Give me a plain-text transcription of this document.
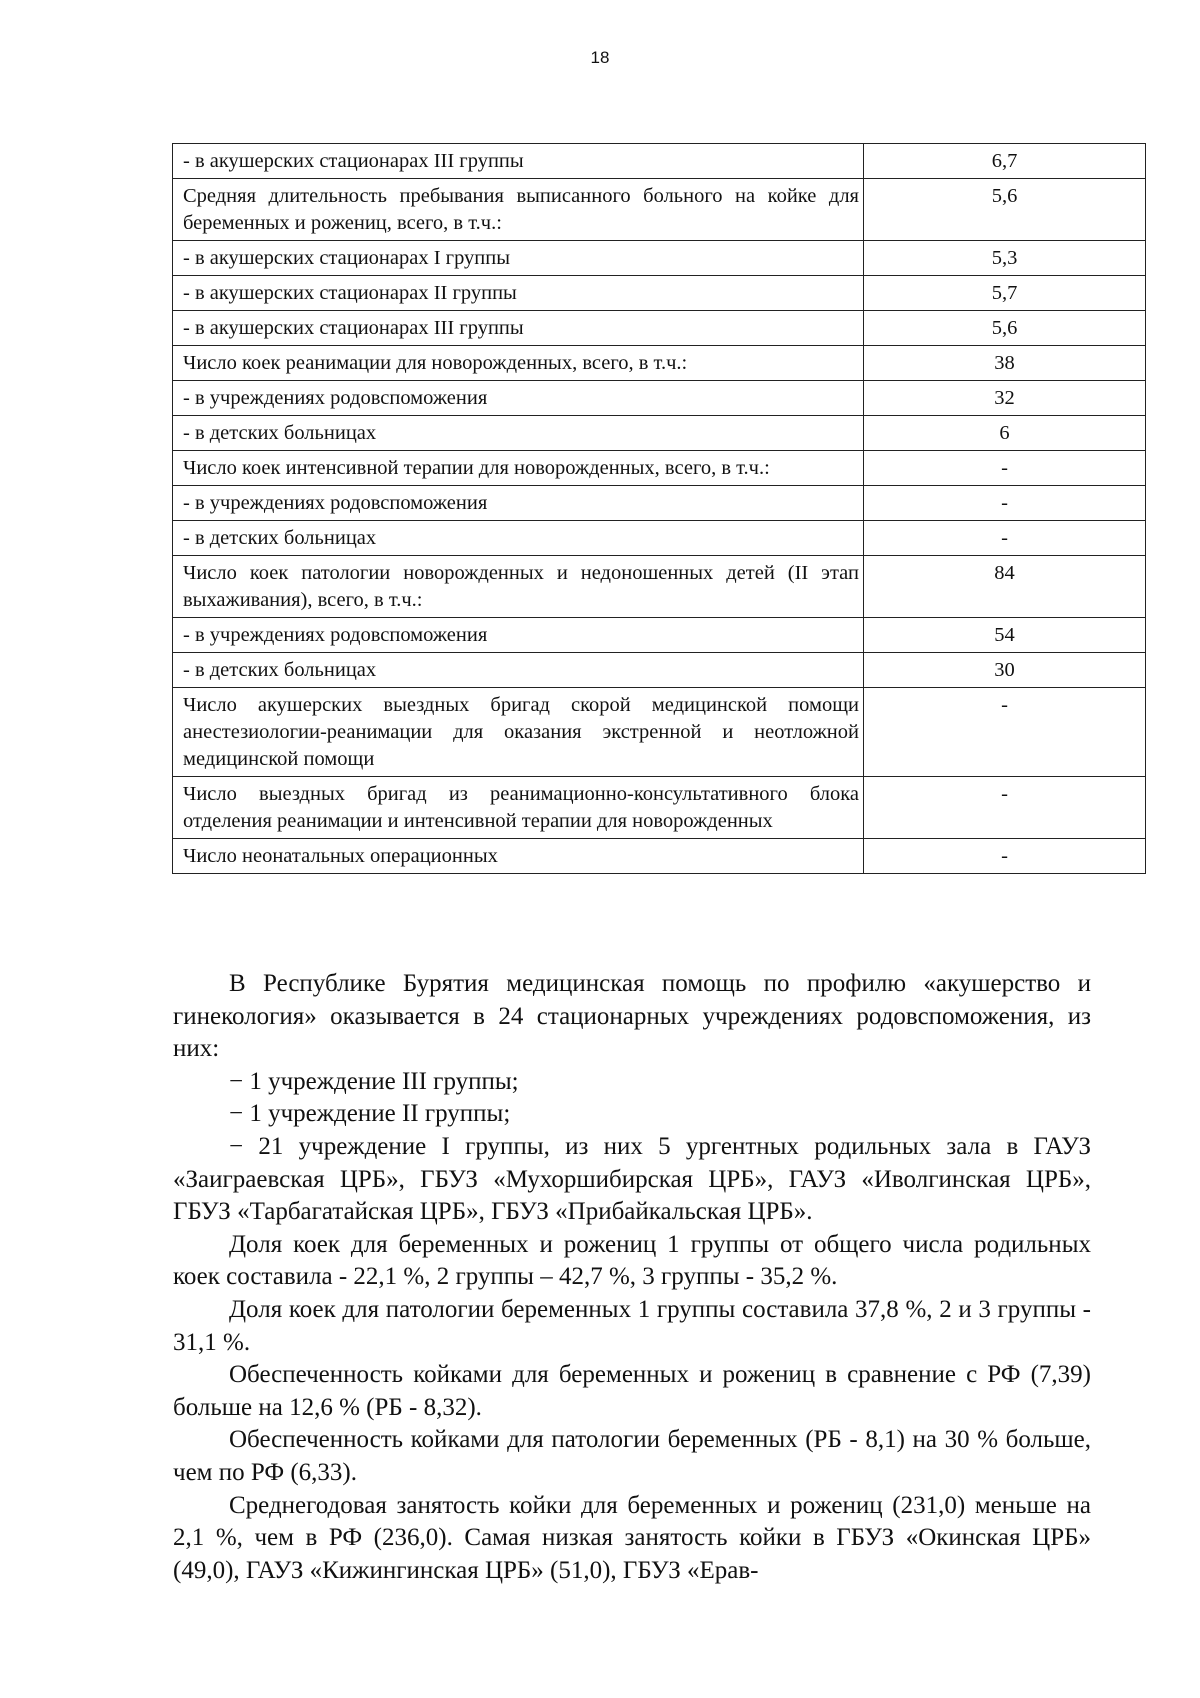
18
- в акушерских стационарах III группы	6,7
Средняя длительность пребывания выписанного больного на койке для беременных и рожениц, всего, в т.ч.:	5,6
- в акушерских стационарах I группы	5,3
- в акушерских стационарах II группы	5,7
- в акушерских стационарах III группы	5,6
Число коек реанимации для новорожденных, всего, в т.ч.:	38
- в учреждениях родовспоможения	32
- в детских больницах	6
Число коек интенсивной терапии для новорожденных, всего, в т.ч.:	-
- в учреждениях родовспоможения	-
- в детских больницах	-
Число коек патологии новорожденных и недоношенных детей (II этап выхаживания), всего, в т.ч.:	84
- в учреждениях родовспоможения	54
- в детских больницах	30
Число акушерских выездных бригад скорой медицинской помощи анестезиологии-реанимации для оказания экстренной и неотложной медицинской помощи	-
Число выездных бригад из реанимационно-консультативного блока отделения реанимации и интенсивной терапии для новорожденных	-
Число неонатальных операционных	-

В Республике Бурятия медицинская помощь по профилю «акушерство и гинекология» оказывается в 24 стационарных учреждениях родовспоможения, из них:

− 1 учреждение III группы;

− 1 учреждение II группы;

− 21 учреждение I группы, из них 5 ургентных родильных зала в ГАУЗ «Заиграевская ЦРБ», ГБУЗ «Мухоршибирская ЦРБ», ГАУЗ «Иволгинская ЦРБ», ГБУЗ «Тарбагатайская ЦРБ», ГБУЗ «Прибайкальская ЦРБ».

Доля коек для беременных и рожениц 1 группы от общего числа родильных коек составила - 22,1 %, 2 группы – 42,7 %, 3 группы - 35,2 %.

Доля коек для патологии беременных 1 группы составила 37,8 %, 2 и 3 группы - 31,1 %.

Обеспеченность койками для беременных и рожениц в сравнение с РФ (7,39) больше на 12,6 % (РБ - 8,32).

Обеспеченность койками для патологии беременных (РБ - 8,1) на 30 % больше, чем по РФ (6,33).

Среднегодовая занятость койки для беременных и рожениц (231,0) меньше на 2,1 %, чем в РФ (236,0). Самая низкая занятость койки в ГБУЗ «Окинская ЦРБ» (49,0), ГАУЗ «Кижингинская ЦРБ» (51,0), ГБУЗ «Ерав-
